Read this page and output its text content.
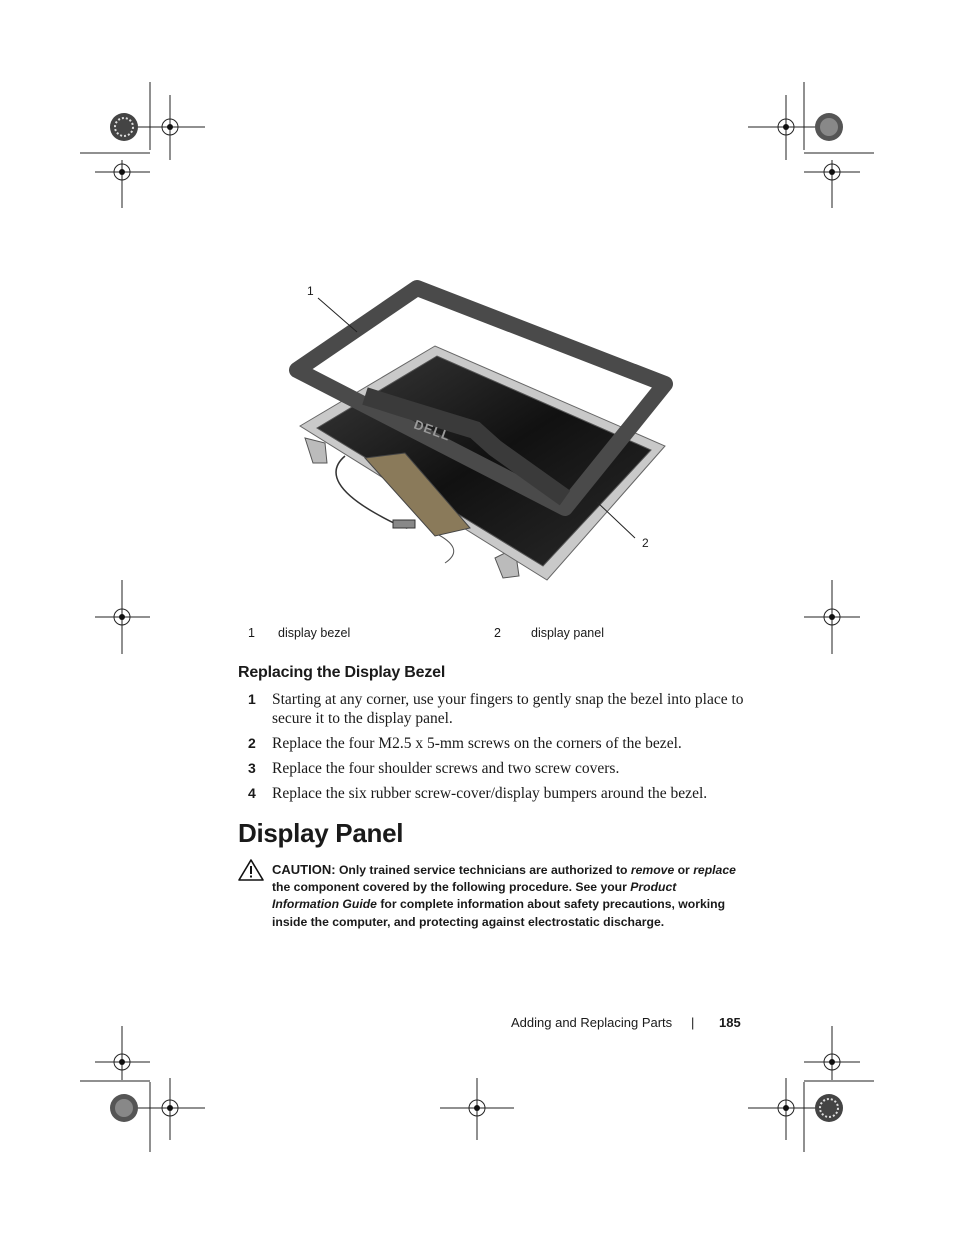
DELL
1
2
1 display bezel	2 display panel
Replacing the Display Bezel
1 Starting at any corner, use your fingers to gently snap the bezel into place to secure it to the display panel.
2 Replace the four M2.5 x 5-mm screws on the corners of the bezel.
3 Replace the four shoulder screws and two screw covers.
4 Replace the six rubber screw-cover/display bumpers around the bezel.
Display Panel
CAUTION: Only trained service technicians are authorized to remove or replace the component covered by the following procedure. See your Product Information Guide for complete information about safety precautions, working inside the computer, and protecting against electrostatic discharge.
Adding and Replacing Parts | 185
